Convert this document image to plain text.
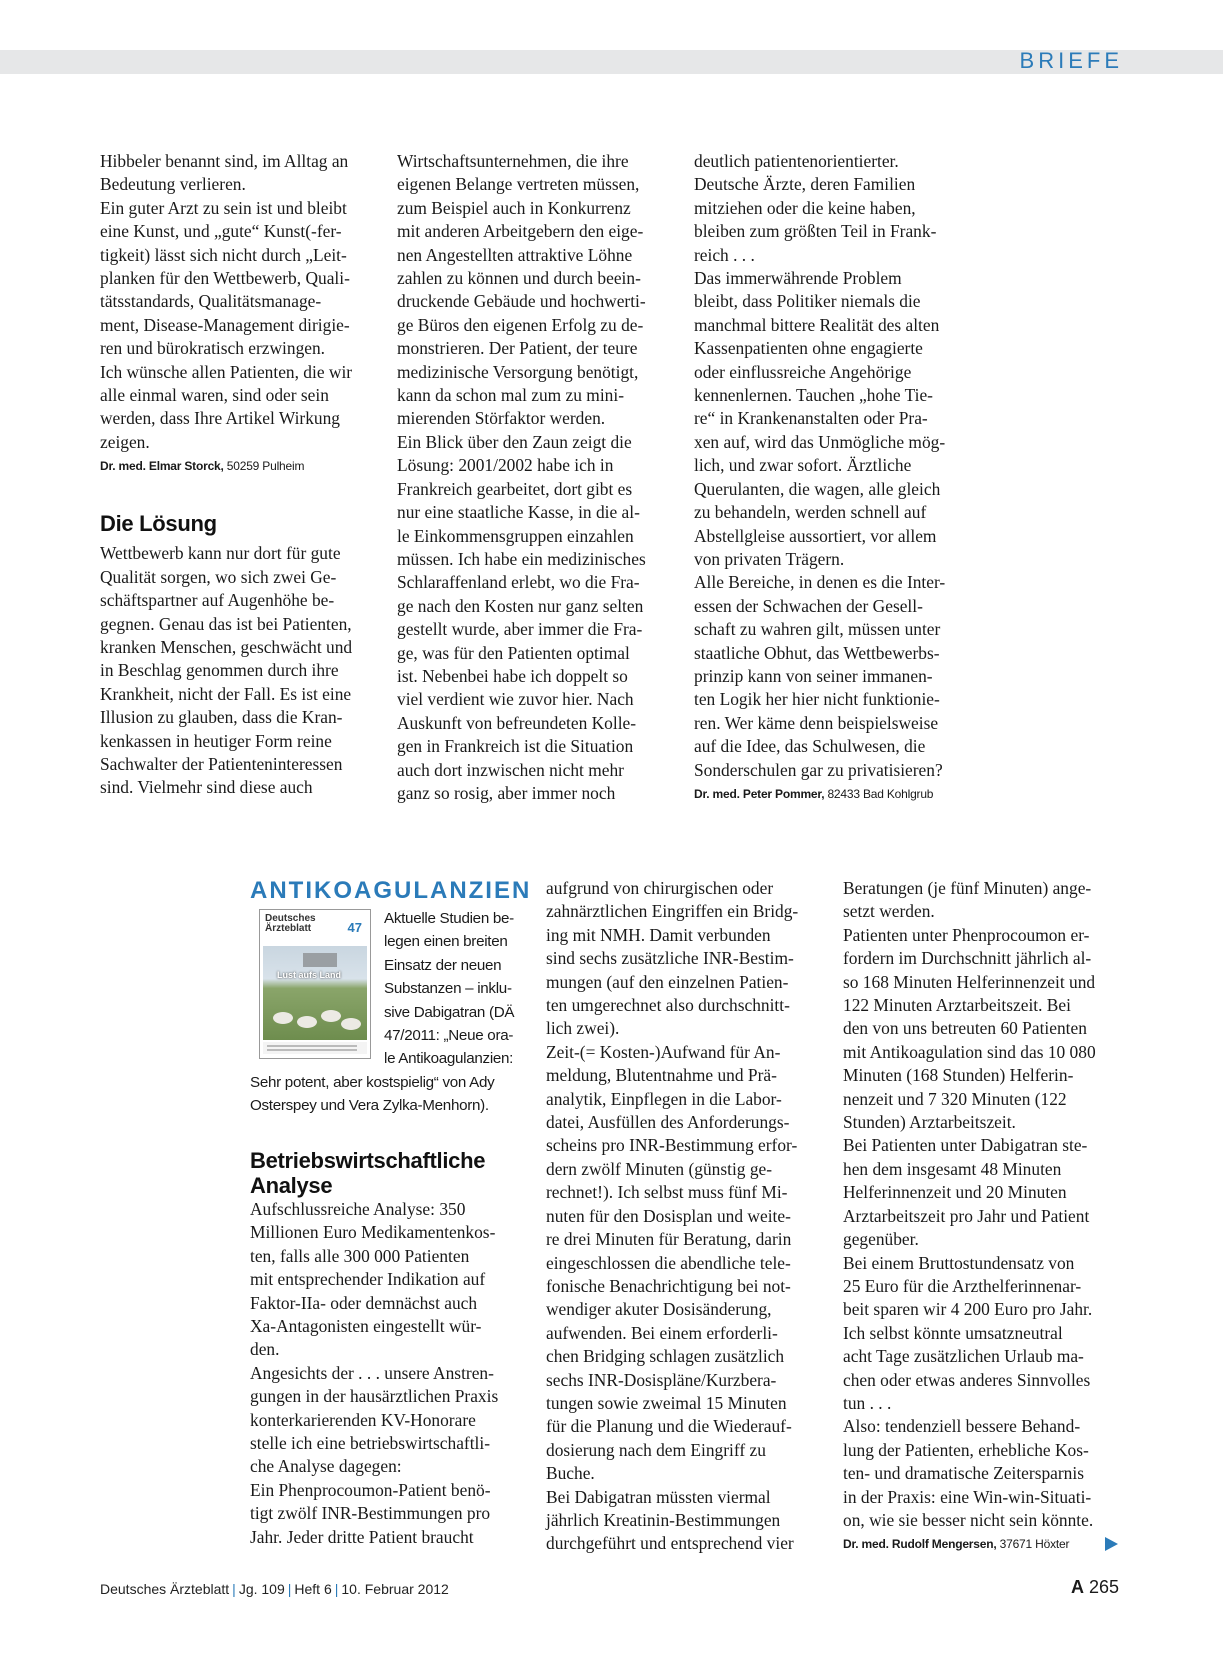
BRIEFE

Hibbeler benannt sind, im Alltag an
Bedeutung verlieren.
Ein guter Arzt zu sein ist und bleibt
eine Kunst, und „gute“ Kunst(-fer-
tigkeit) lässt sich nicht durch „Leit-
planken für den Wettbewerb, Quali-
tätsstandards, Qualitätsmanage-
ment, Disease-Management dirigie-
ren und bürokratisch erzwingen.
Ich wünsche allen Patienten, die wir
alle einmal waren, sind oder sein
werden, dass Ihre Artikel Wirkung
zeigen.

Dr. med. Elmar Storck, 50259 Pulheim
Die Lösung

Wettbewerb kann nur dort für gute
Qualität sorgen, wo sich zwei Ge-
schäftspartner auf Augenhöhe be-
gegnen. Genau das ist bei Patienten,
kranken Menschen, geschwächt und
in Beschlag genommen durch ihre
Krankheit, nicht der Fall. Es ist eine
Illusion zu glauben, dass die Kran-
kenkassen in heutiger Form reine
Sachwalter der Patienteninteressen
sind. Vielmehr sind diese auch

Wirtschaftsunternehmen, die ihre
eigenen Belange vertreten müssen,
zum Beispiel auch in Konkurrenz
mit anderen Arbeitgebern den eige-
nen Angestellten attraktive Löhne
zahlen zu können und durch beein-
druckende Gebäude und hochwerti-
ge Büros den eigenen Erfolg zu de-
monstrieren. Der Patient, der teure
medizinische Versorgung benötigt,
kann da schon mal zum zu mini-
mierenden Störfaktor werden.
Ein Blick über den Zaun zeigt die
Lösung: 2001/2002 habe ich in
Frankreich gearbeitet, dort gibt es
nur eine staatliche Kasse, in die al-
le Einkommensgruppen einzahlen
müssen. Ich habe ein medizinisches
Schlaraffenland erlebt, wo die Fra-
ge nach den Kosten nur ganz selten
gestellt wurde, aber immer die Fra-
ge, was für den Patienten optimal
ist. Nebenbei habe ich doppelt so
viel verdient wie zuvor hier. Nach
Auskunft von befreundeten Kolle-
gen in Frankreich ist die Situation
auch dort inzwischen nicht mehr
ganz so rosig, aber immer noch

deutlich patientenorientierter.
Deutsche Ärzte, deren Familien
mitziehen oder die keine haben,
bleiben zum größten Teil in Frank-
reich . . .
Das immerwährende Problem
bleibt, dass Politiker niemals die
manchmal bittere Realität des alten
Kassenpatienten ohne engagierte
oder einflussreiche Angehörige
kennenlernen. Tauchen „hohe Tie-
re“ in Krankenanstalten oder Pra-
xen auf, wird das Unmögliche mög-
lich, und zwar sofort. Ärztliche
Querulanten, die wagen, alle gleich
zu behandeln, werden schnell auf
Abstellgleise aussortiert, vor allem
von privaten Trägern.
Alle Bereiche, in denen es die Inter-
essen der Schwachen der Gesell-
schaft zu wahren gilt, müssen unter
staatliche Obhut, das Wettbewerbs-
prinzip kann von seiner immanen-
ten Logik her hier nicht funktionie-
ren. Wer käme denn beispielsweise
auf die Idee, das Schulwesen, die
Sonderschulen gar zu privatisieren?

Dr. med. Peter Pommer, 82433 Bad Kohlgrub
ANTIKOAGULANZIEN
Deutsches
Ärzteblatt	47
Lust aufs Land

Aktuelle Studien be-
legen einen breiten
Einsatz der neuen
Substanzen – inklu-
sive Dabigatran (DÄ
47/2011: „Neue ora-
le Antikoagulanzien:

Sehr potent, aber kostspielig“ von Ady
Osterspey und Vera Zylka-Menhorn).

Betriebswirtschaftliche
Analyse

Aufschlussreiche Analyse: 350
Millionen Euro Medikamentenkos-
ten, falls alle 300 000 Patienten
mit entsprechender Indikation auf
Faktor-IIa- oder demnächst auch
Xa-Antagonisten eingestellt wür-
den.
Angesichts der . . . unsere Anstren-
gungen in der hausärztlichen Praxis
konterkarierenden KV-Honorare
stelle ich eine betriebswirtschaftli-
che Analyse dagegen:
Ein Phenprocoumon-Patient benö-
tigt zwölf INR-Bestimmungen pro
Jahr. Jeder dritte Patient braucht

aufgrund von chirurgischen oder
zahnärztlichen Eingriffen ein Bridg-
ing mit NMH. Damit verbunden
sind sechs zusätzliche INR-Bestim-
mungen (auf den einzelnen Patien-
ten umgerechnet also durchschnitt-
lich zwei).
Zeit-(= Kosten-)Aufwand für An-
meldung, Blutentnahme und Prä-
analytik, Einpflegen in die Labor-
datei, Ausfüllen des Anforderungs-
scheins pro INR-Bestimmung erfor-
dern zwölf Minuten (günstig ge-
rechnet!). Ich selbst muss fünf Mi-
nuten für den Dosisplan und weite-
re drei Minuten für Beratung, darin
eingeschlossen die abendliche tele-
fonische Benachrichtigung bei not-
wendiger akuter Dosisänderung,
aufwenden. Bei einem erforderli-
chen Bridging schlagen zusätzlich
sechs INR-Dosispläne/Kurzbera-
tungen sowie zweimal 15 Minuten
für die Planung und die Wiederauf-
dosierung nach dem Eingriff zu
Buche.
Bei Dabigatran müssten viermal
jährlich Kreatinin-Bestimmungen
durchgeführt und entsprechend vier

Beratungen (je fünf Minuten) ange-
setzt werden.
Patienten unter Phenprocoumon er-
fordern im Durchschnitt jährlich al-
so 168 Minuten Helferinnenzeit und
122 Minuten Arztarbeitszeit. Bei
den von uns betreuten 60 Patienten
mit Antikoagulation sind das 10 080
Minuten (168 Stunden) Helferin-
nenzeit und 7 320 Minuten (122
Stunden) Arztarbeitszeit.
Bei Patienten unter Dabigatran ste-
hen dem insgesamt 48 Minuten
Helferinnenzeit und 20 Minuten
Arztarbeitszeit pro Jahr und Patient
gegenüber.
Bei einem Bruttostundensatz von
25 Euro für die Arzthelferinnenar-
beit sparen wir 4 200 Euro pro Jahr.
Ich selbst könnte umsatzneutral
acht Tage zusätzlichen Urlaub ma-
chen oder etwas anderes Sinnvolles
tun . . .
Also: tendenziell bessere Behand-
lung der Patienten, erhebliche Kos-
ten- und dramatische Zeitersparnis
in der Praxis: eine Win-win-Situati-
on, wie sie besser nicht sein könnte.

Dr. med. Rudolf Mengersen, 37671 Höxter
Deutsches Ärzteblatt | Jg. 109 | Heft 6 | 10. Februar 2012	A 265
